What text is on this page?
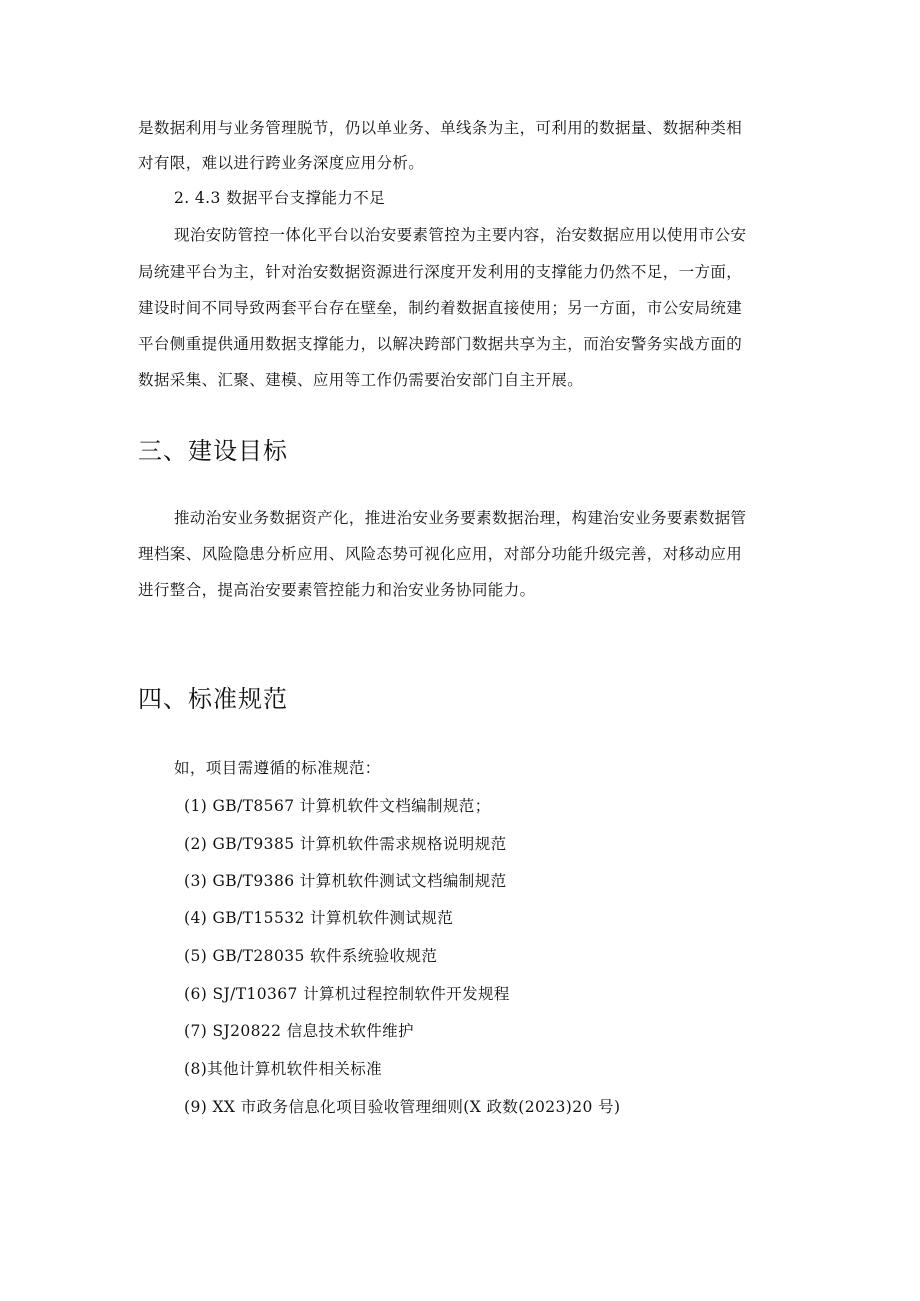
是数据利用与业务管理脱节，仍以单业务、单线条为主，可利用的数据量、数据种类相
对有限，难以进行跨业务深度应用分析。
2. 4.3 数据平台支撑能力不足
现治安防管控一体化平台以治安要素管控为主要内容，治安数据应用以使用市公安
局统建平台为主，针对治安数据资源进行深度开发利用的支撑能力仍然不足，一方面，
建设时间不同导致两套平台存在壁垒，制约着数据直接使用；另一方面，市公安局统建
平台侧重提供通用数据支撑能力，以解决跨部门数据共享为主，而治安警务实战方面的
数据采集、汇聚、建模、应用等工作仍需要治安部门自主开展。
三、建设目标
推动治安业务数据资产化，推进治安业务要素数据治理，构建治安业务要素数据管
理档案、风险隐患分析应用、风险态势可视化应用，对部分功能升级完善，对移动应用
进行整合，提高治安要素管控能力和治安业务协同能力。
四、标准规范
如，项目需遵循的标准规范：
(1) GB/T8567 计算机软件文档编制规范；
(2) GB/T9385 计算机软件需求规格说明规范
(3) GB/T9386 计算机软件测试文档编制规范
(4) GB/T15532 计算机软件测试规范
(5) GB/T28035 软件系统验收规范
(6) SJ/T10367 计算机过程控制软件开发规程
(7) SJ20822 信息技术软件维护
(8)其他计算机软件相关标准
(9) XX 市政务信息化项目验收管理细则(X 政数(2023)20 号)
